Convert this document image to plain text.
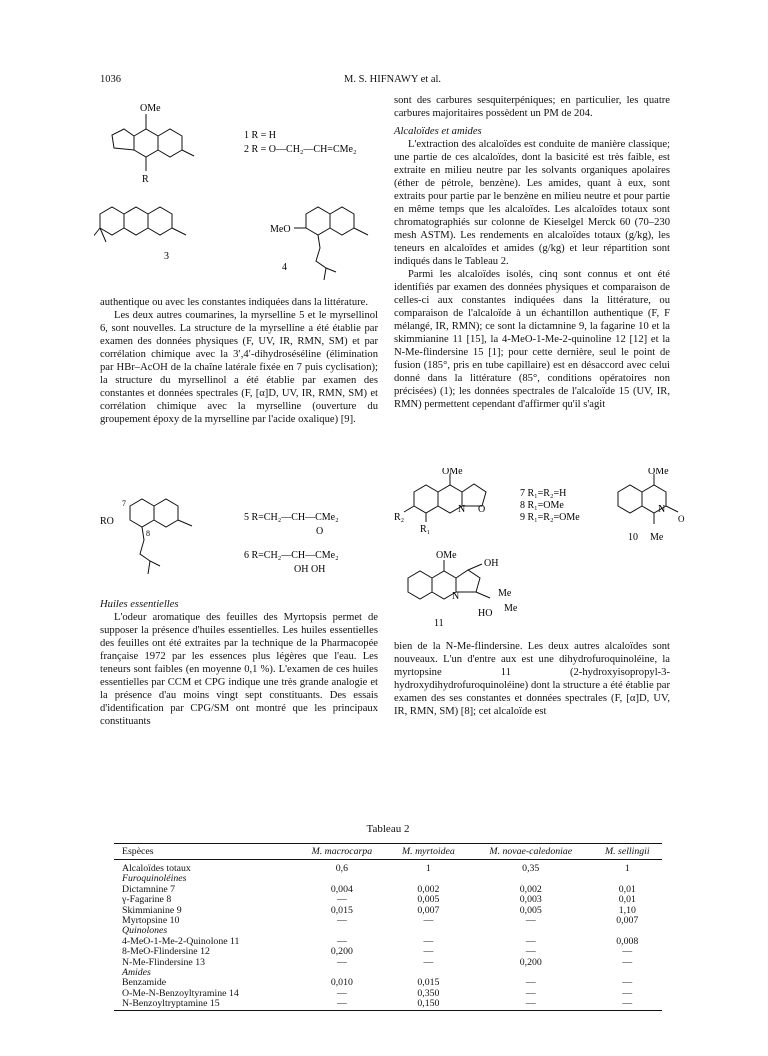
1036	M. S. HIFNAWY et al.
OMe
R
1 R = H
2 R = O—CH₂—CH=CMe₂
3
MeO
4

authentique ou avec les constantes indiquées dans la littérature.

Les deux autres coumarines, la myrselline 5 et le myrsellinol 6, sont nouvelles. La structure de la myrselline a été établie par examen des données physiques (F, UV, IR, RMN, SM) et par corrélation chimique avec la 3′,4′-dihydroséséline (élimination par HBr–AcOH de la chaîne latérale fixée en 7 puis cyclisation); la structure du myrsellinol a été établie par examen des constantes et données spectrales (F, [α]D, UV, IR, RMN, SM) et corrélation chimique avec la myrselline (ouverture du groupement époxy de la myrselline par l'acide oxalique) [9].

RO
7
8
5 R=CH₂—CH—CMe₂
O
6 R=CH₂—CH—CMe₂
OH OH

Huiles essentielles

L'odeur aromatique des feuilles des Myrtopsis permet de supposer la présence d'huiles essentielles. Les huiles essentielles des feuilles ont été extraites par la technique de la Pharmacopée française 1972 par les essences plus légères que l'eau. Les teneurs sont faibles (en moyenne 0,1 %). L'examen de ces huiles essentielles par CCM et CPG indique une très grande analogie et la présence d'au moins vingt sept constituants. Des essais d'identification par CPG/SM ont montré que les principaux constituants

sont des carbures sesquiterpéniques; en particulier, les quatre carbures majoritaires possèdent un PM de 204.

Alcaloïdes et amides

L'extraction des alcaloïdes est conduite de manière classique; une partie de ces alcaloïdes, dont la basicité est très faible, est extraite en milieu neutre par les solvants organiques apolaires (éther de pétrole, benzène). Les amides, quant à eux, sont extraits pour partie par le benzène en milieu neutre et pour partie en même temps que les alcaloïdes. Les alcaloïdes totaux sont chromatographiés sur colonne de Kieselgel Merck 60 (70–230 mesh ASTM). Les rendements en alcaloïdes totaux (g/kg), les teneurs en alcaloïdes et amides (g/kg) et leur répartition sont indiqués dans le Tableau 2.

Parmi les alcaloïdes isolés, cinq sont connus et ont été identifiés par examen des données physiques et comparaison de celles-ci aux constantes indiquées dans la littérature, ou comparaison de l'alcaloïde à un échantillon authentique (F, F mélangé, IR, RMN); ce sont la dictamnine 9, la fagarine 10 et la skimmianine 11 [15], la 4-MeO-1-Me-2-quinoline 12 [12] et la N-Me-flindersine 15 [1]; pour cette dernière, seul le point de fusion (185°, pris en tube capillaire) est en désaccord avec celui donné dans la littérature (85°, conditions opératoires non précisées) (1); les données spectrales de l'alcaloïde 15 (UV, IR, RMN) permettent cependant d'affirmer qu'il s'agit

OMe
R₂
R₁
N O
7 R₁=R₂=H
8 R₁=OMe
9 R₁=R₂=OMe
OMe
N
O
10 Me
OMe
OH
N	Me
Me
HO
11

bien de la N-Me-flindersine. Les deux autres alcaloïdes sont nouveaux. L'un d'entre aux est une dihydrofuroquinoléine, la myrtopsine 11 (2-hydroxyisopropyl-3-hydroxydihydrofuroquinoléine) dont la structure a été établie par examen des ses constantes et données spectrales (F, [α]D, UV, IR, RMN, SM) [8]; cet alcaloïde est

Tableau 2
Espèces	M. macrocarpa	M. myrtoidea	M. novae-caledoniae	M. sellingii
Alcaloïdes totaux	0,6	1	0,35	1
Furoquinoléines				
Dictamnine 7	0,004	0,002	0,002	0,01
γ-Fagarine 8	—	0,005	0,003	0,01
Skimmianine 9	0,015	0,007	0,005	1,10
Myrtopsine 10	—	—	—	0,007
Quinolones				
4-MeO-1-Me-2-Quinolone 11	—	—	—	0,008
8-MeO-Flindersine 12	0,200	—	—	—
N-Me-Flindersine 13	—	—	0,200	—
Amides				
Benzamide	0,010	0,015	—	—
O-Me-N-Benzoyltyramine 14	—	0,350	—	—
N-Benzoyltryptamine 15	—	0,150	—	—
